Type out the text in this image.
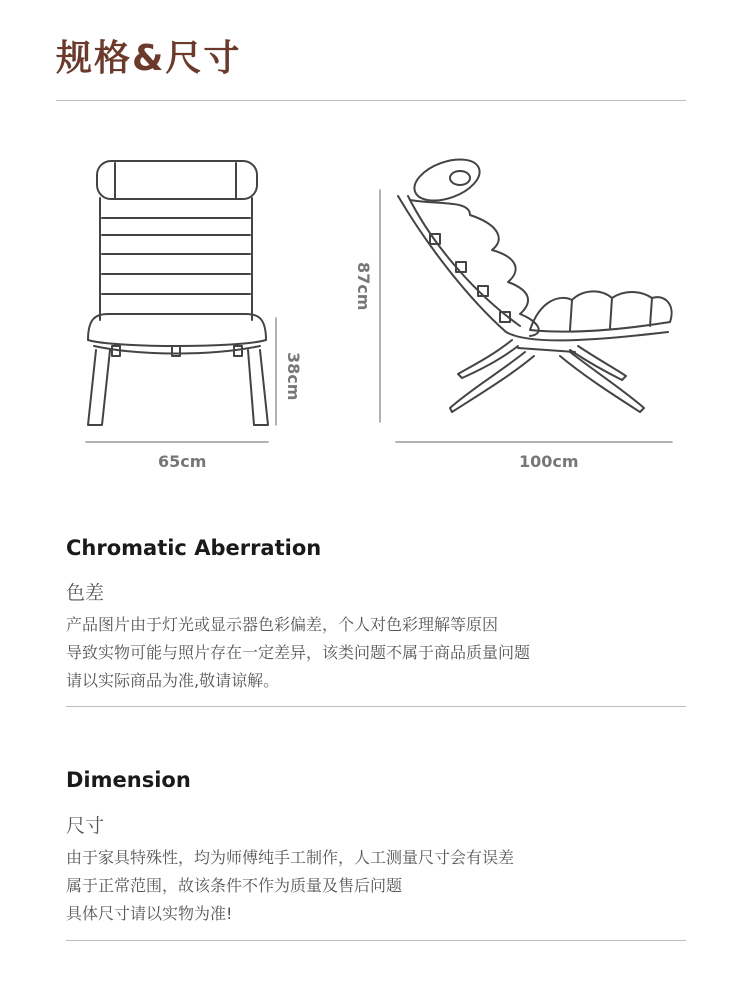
规格&尺寸
65cm
38cm
87cm
100cm
Chromatic Aberration
色差
产品图片由于灯光或显示器色彩偏差，个人对色彩理解等原因
导致实物可能与照片存在一定差异，该类问题不属于商品质量问题
请以实际商品为准,敬请谅解。
Dimension
尺寸
由于家具特殊性，均为师傅纯手工制作，人工测量尺寸会有误差
属于正常范围，故该条件不作为质量及售后问题
具体尺寸请以实物为准!
